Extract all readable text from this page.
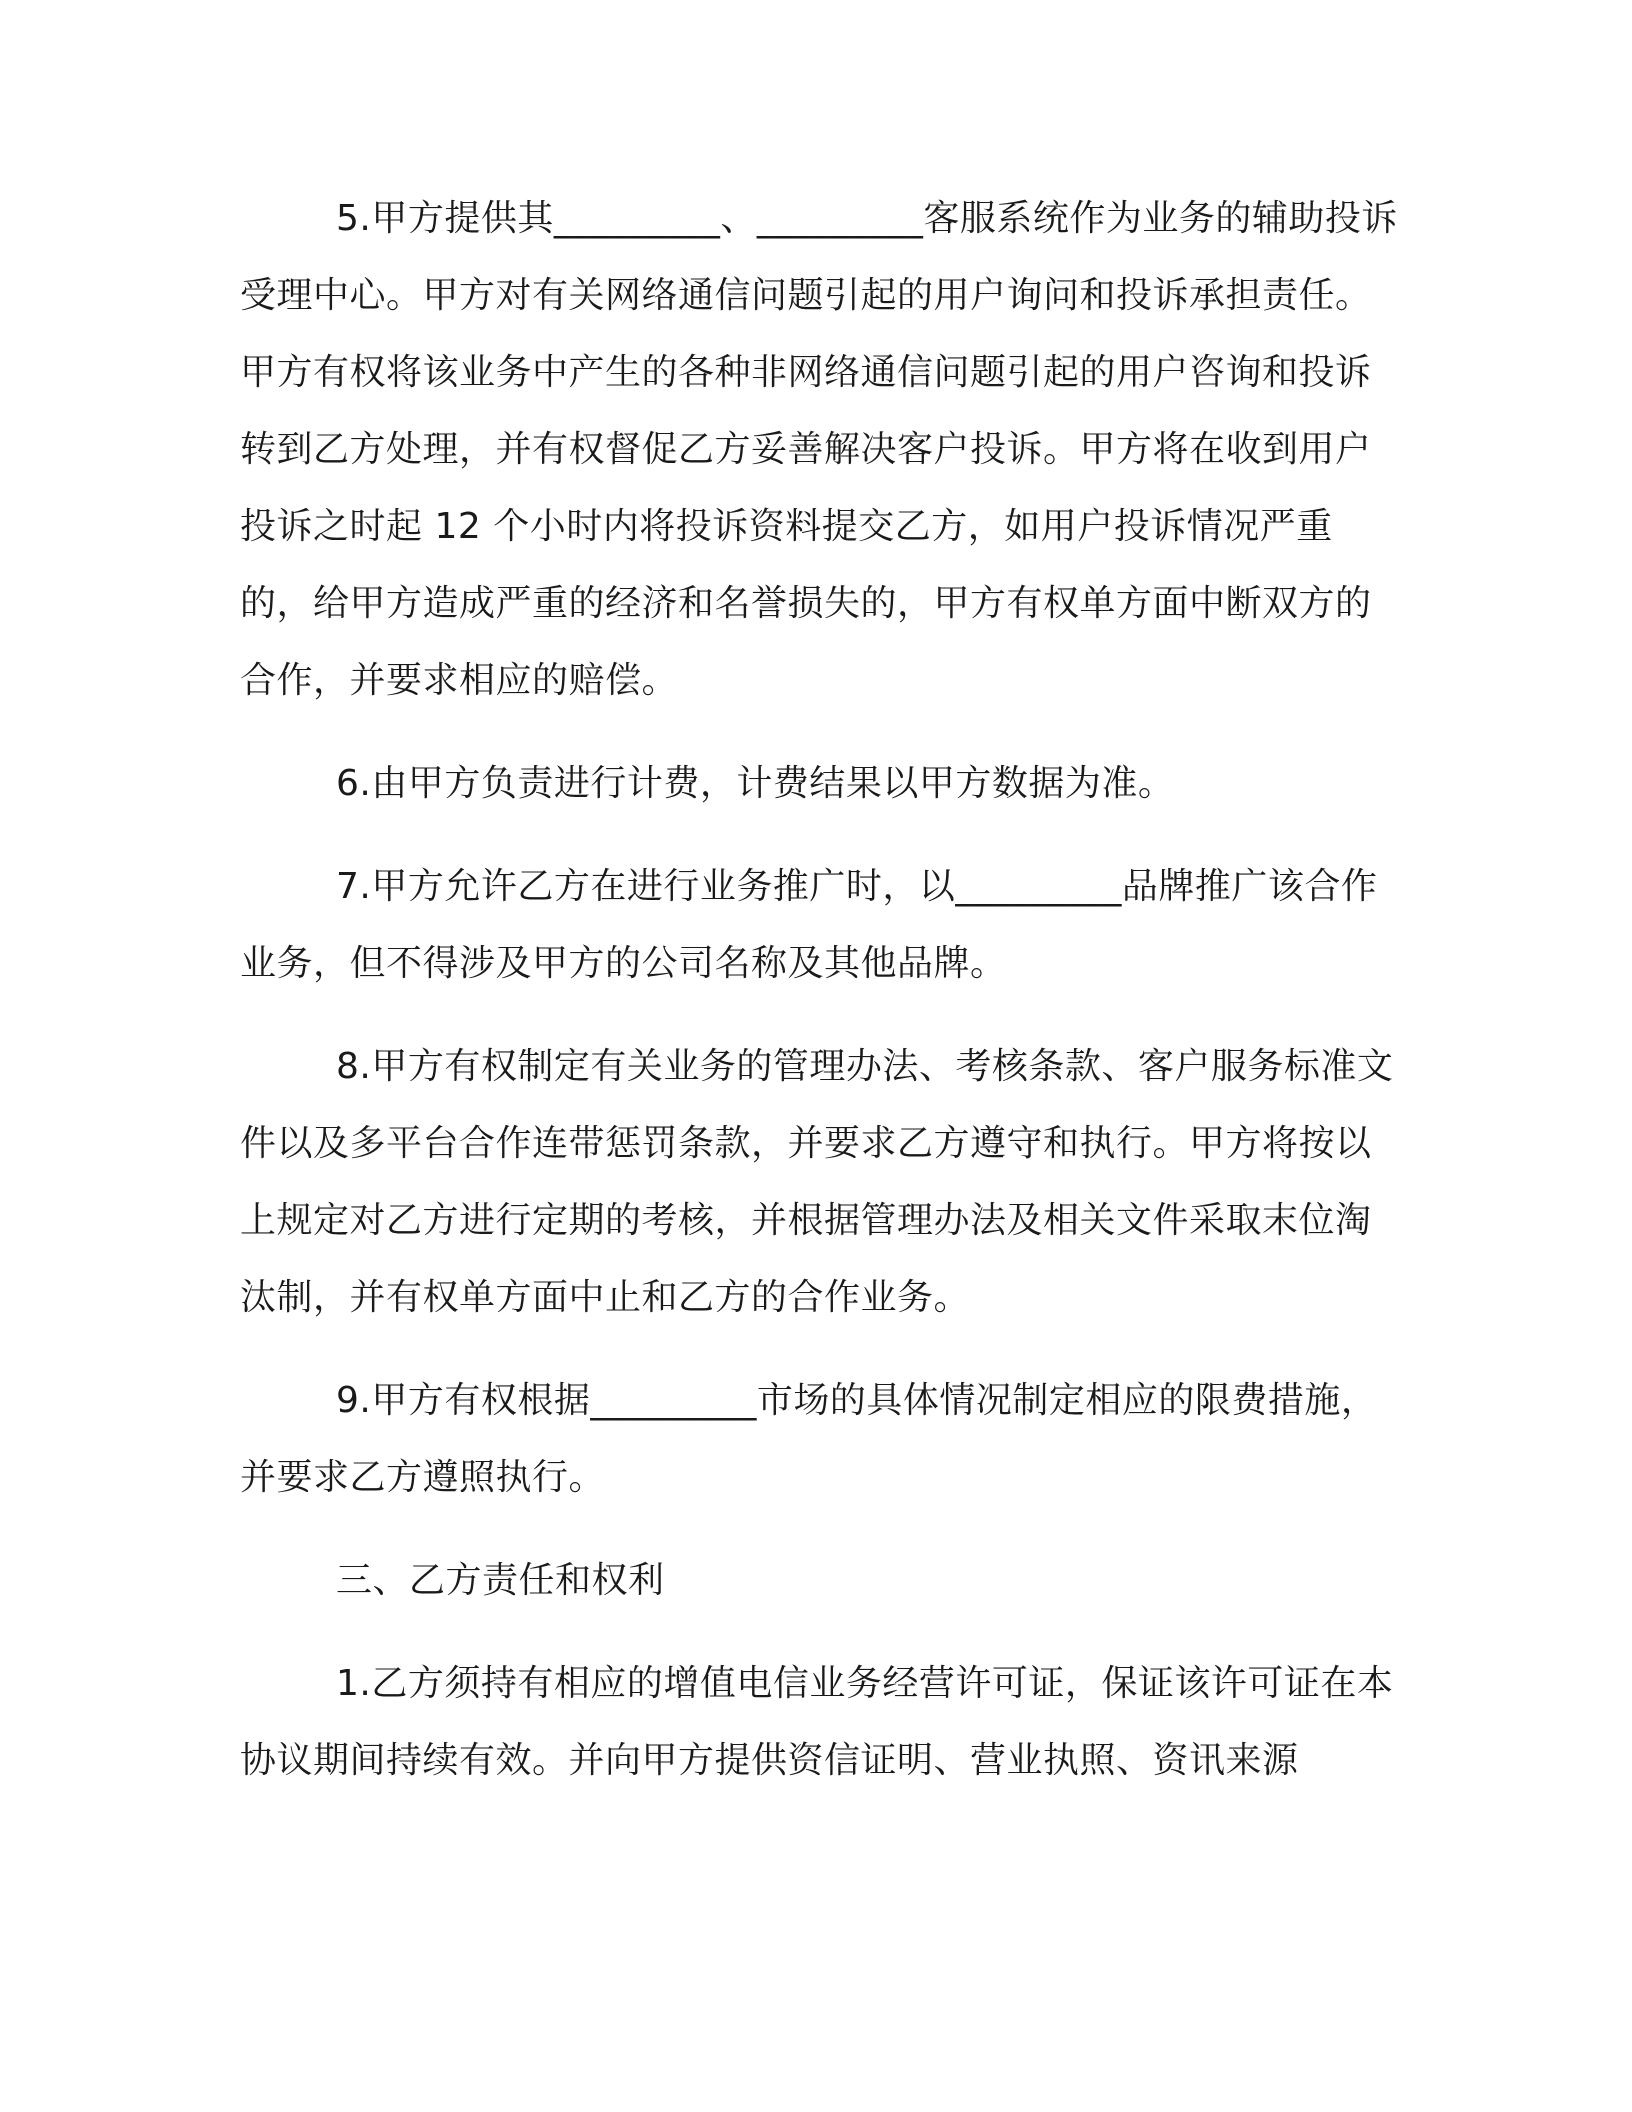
5.甲方提供其_________、_________客服系统作为业务的辅助投诉受理中心。甲方对有关网络通信问题引起的用户询问和投诉承担责任。甲方有权将该业务中产生的各种非网络通信问题引起的用户咨询和投诉转到乙方处理，并有权督促乙方妥善解决客户投诉。甲方将在收到用户投诉之时起 12 个小时内将投诉资料提交乙方，如用户投诉情况严重的，给甲方造成严重的经济和名誉损失的，甲方有权单方面中断双方的合作，并要求相应的赔偿。

6.由甲方负责进行计费，计费结果以甲方数据为准。

7.甲方允许乙方在进行业务推广时，以_________品牌推广该合作业务，但不得涉及甲方的公司名称及其他品牌。

8.甲方有权制定有关业务的管理办法、考核条款、客户服务标准文件以及多平台合作连带惩罚条款，并要求乙方遵守和执行。甲方将按以上规定对乙方进行定期的考核，并根据管理办法及相关文件采取末位淘汰制，并有权单方面中止和乙方的合作业务。

9.甲方有权根据_________市场的具体情况制定相应的限费措施，并要求乙方遵照执行。

三、乙方责任和权利

1.乙方须持有相应的增值电信业务经营许可证，保证该许可证在本协议期间持续有效。并向甲方提供资信证明、营业执照、资讯来源
